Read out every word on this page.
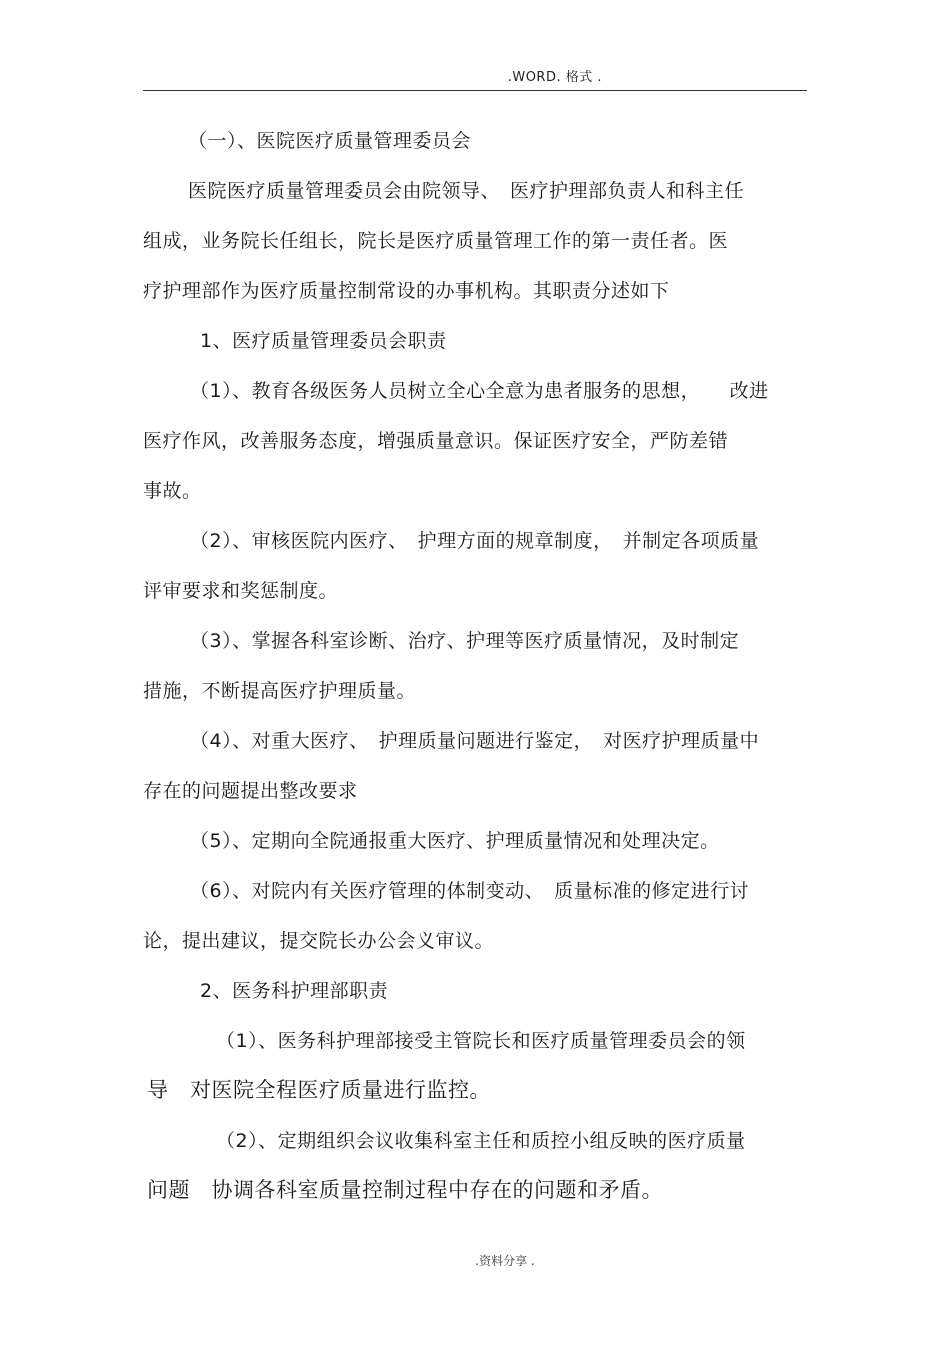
.WORD. 格式 .
（一）、医院医疗质量管理委员会
医院医疗质量管理委员会由院领导、　医疗护理部负责人和科主任
组成，业务院长任组长，院长是医疗质量管理工作的第一责任者。医
疗护理部作为医疗质量控制常设的办事机构。其职责分述如下
1、医疗质量管理委员会职责
（1）、教育各级医务人员树立全心全意为患者服务的思想，　　改进
医疗作风，改善服务态度，增强质量意识。保证医疗安全，严防差错
事故。
（2）、审核医院内医疗、　护理方面的规章制度，　并制定各项质量
评审要求和奖惩制度。
（3）、掌握各科室诊断、治疗、护理等医疗质量情况，及时制定
措施，不断提高医疗护理质量。
（4）、对重大医疗、　护理质量问题进行鉴定，　对医疗护理质量中
存在的问题提出整改要求
（5）、定期向全院通报重大医疗、护理质量情况和处理决定。
（6）、对院内有关医疗管理的体制变动、　质量标准的修定进行讨
论，提出建议，提交院长办公会义审议。
2、医务科护理部职责
（1）、医务科护理部接受主管院长和医疗质量管理委员会的领
导　对医院全程医疗质量进行监控。
（2）、定期组织会议收集科室主任和质控小组反映的医疗质量
问题　协调各科室质量控制过程中存在的问题和矛盾。
.资料分享 .
